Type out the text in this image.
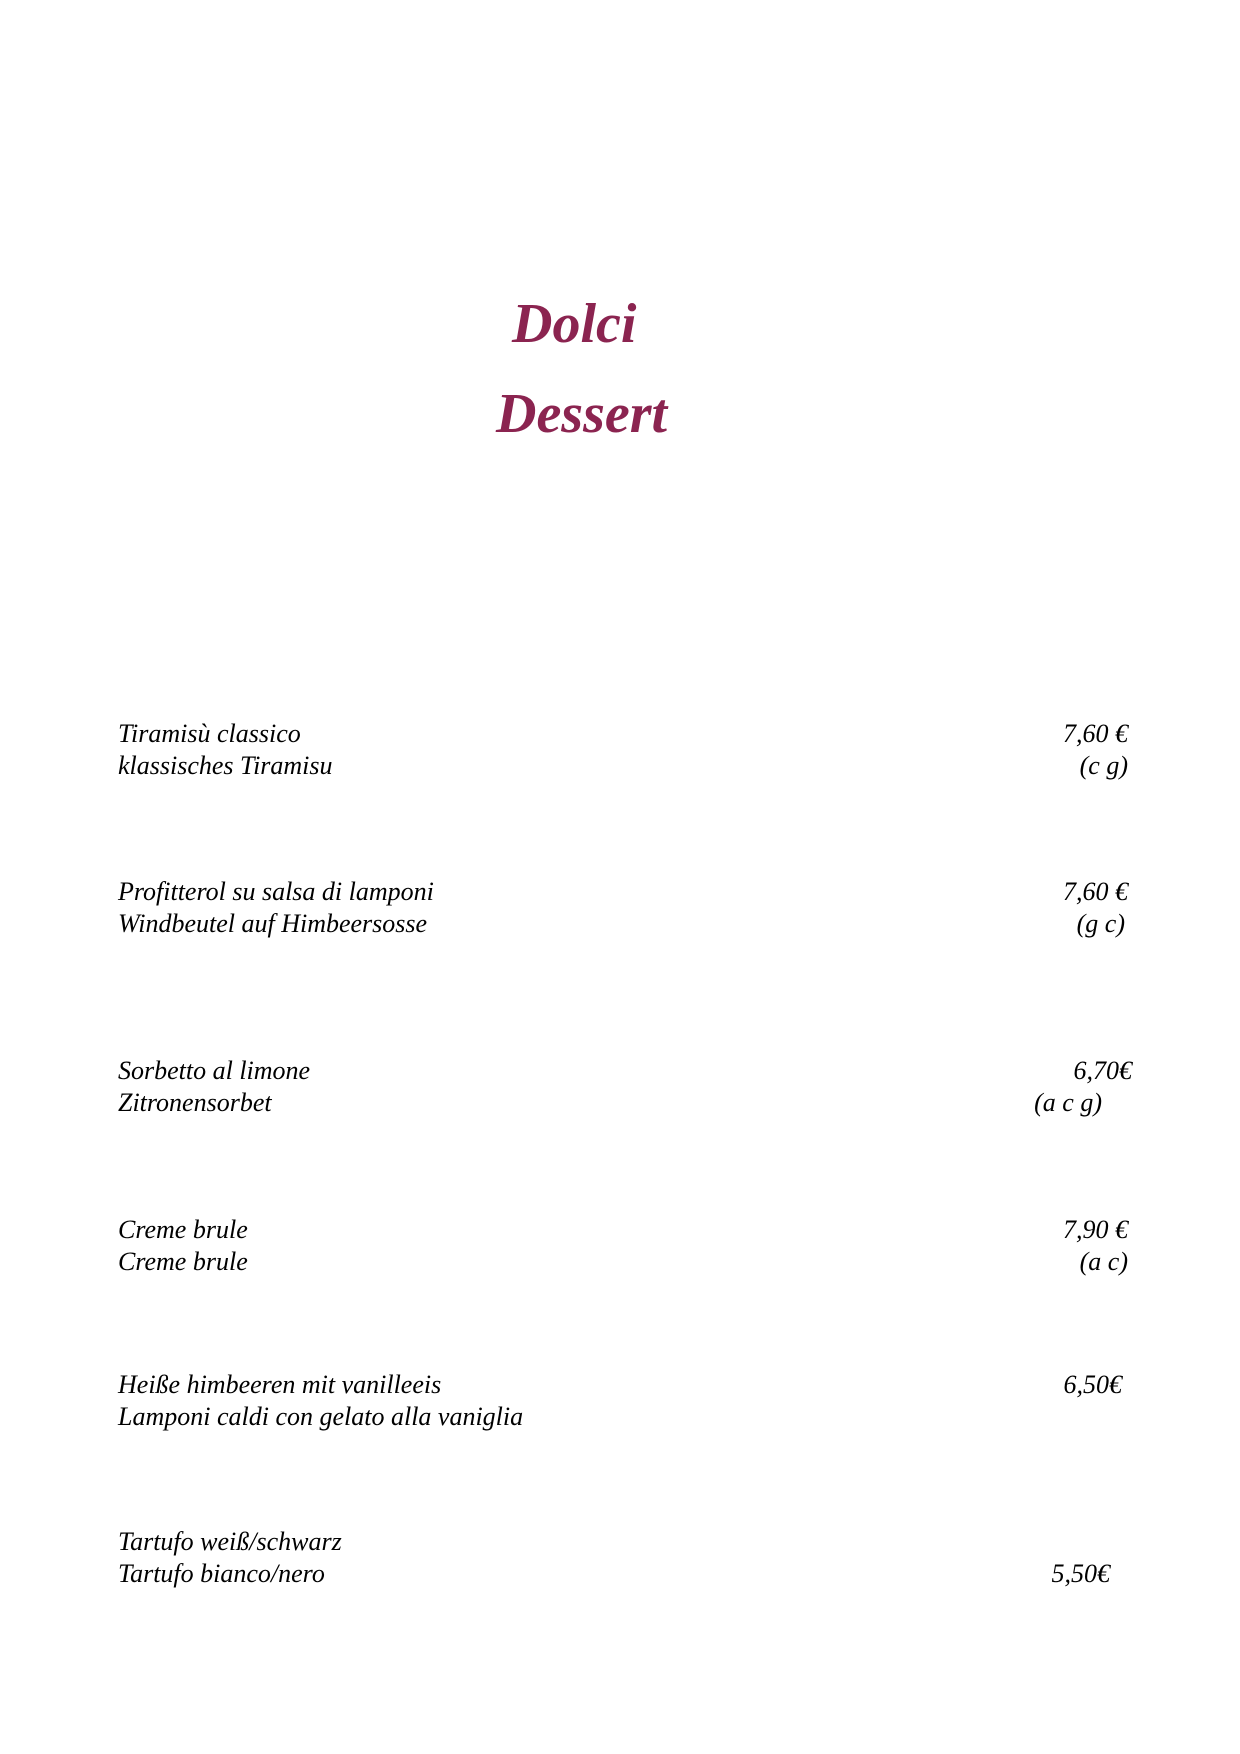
Dolci
Dessert
Tiramisù classico
klassisches Tiramisu
7,60 €
(c g)
Profitterol su salsa di lamponi
Windbeutel auf Himbeersosse
7,60 €
(g c)
Sorbetto al limone
Zitronensorbet
6,70€
(a c g)
Creme brule
Creme brule
7,90 €
(a c)
Heiße himbeeren mit vanilleeis
Lamponi caldi con gelato alla vaniglia
6,50€
Tartufo weiß/schwarz
Tartufo bianco/nero	5,50€
